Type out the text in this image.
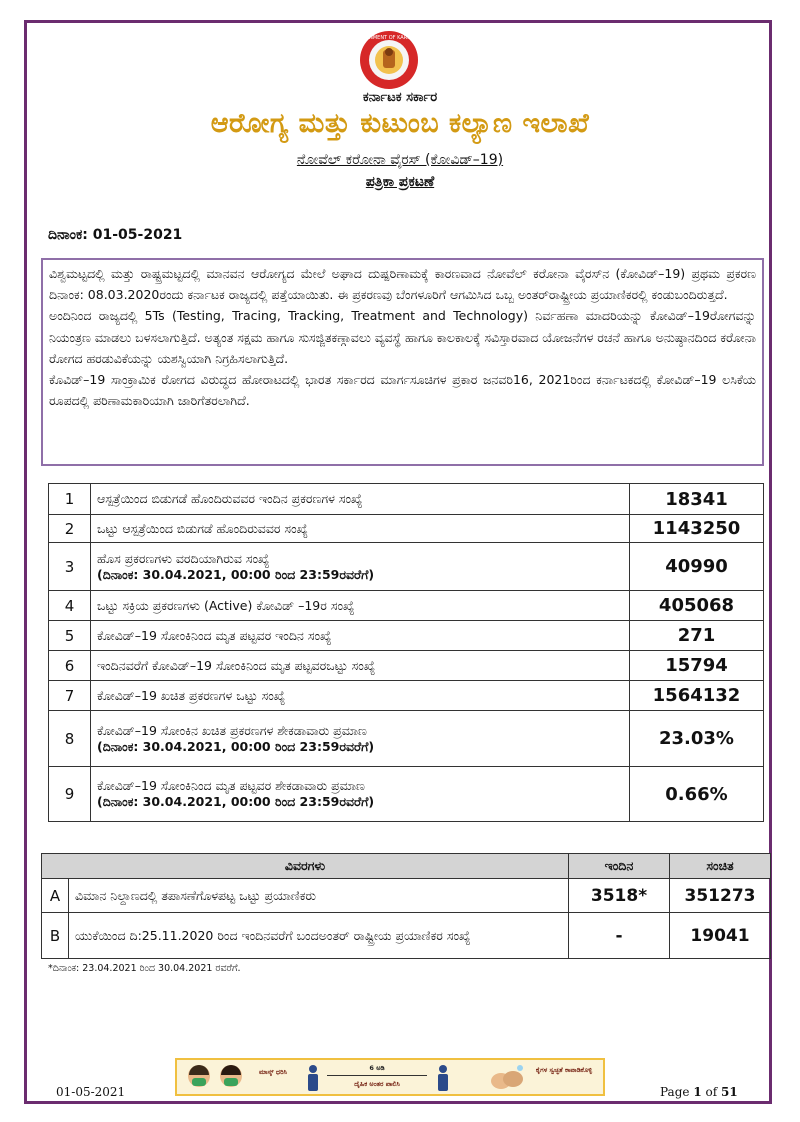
GOVERNMENT OF KARNATAKA
ಕರ್ನಾಟಕ ಸರ್ಕಾರ
ಆರೋಗ್ಯ ಮತ್ತು ಕುಟುಂಬ ಕಲ್ಯಾಣ ಇಲಾಖೆ
ನೋವೆಲ್ ಕರೋನಾ ವೈರಸ್ (ಕೋವಿಡ್–19)
ಪತ್ರಿಕಾ ಪ್ರಕಟಣೆ
ದಿನಾಂಕ: 01-05-2021

ವಿಶ್ವಮಟ್ಟದಲ್ಲಿ ಮತ್ತು ರಾಷ್ಟ್ರಮಟ್ಟದಲ್ಲಿ ಮಾನವನ ಆರೋಗ್ಯದ ಮೇಲೆ ಅಘಾದ ದುಷ್ಪರಿಣಾಮಕ್ಕೆ ಕಾರಣವಾದ ನೋವೆಲ್ ಕರೋನಾ ವೈರಸ್‌ನ (ಕೋವಿಡ್–19) ಪ್ರಥಮ ಪ್ರಕರಣ ದಿನಾಂಕ: 08.03.2020ರಂದು ಕರ್ನಾಟಕ ರಾಜ್ಯದಲ್ಲಿ ಪತ್ತೆಯಾಯಿತು. ಈ ಪ್ರಕರಣವು ಬೆಂಗಳೂರಿಗೆ ಆಗಮಿಸಿದ ಒಬ್ಬ ಅಂತರ್‌ರಾಷ್ಟ್ರೀಯ ಪ್ರಯಾಣಿಕರಲ್ಲಿ ಕಂಡುಬಂದಿರುತ್ತದೆ.

ಅಂದಿನಿಂದ ರಾಜ್ಯದಲ್ಲಿ 5Ts (Testing, Tracing, Tracking, Treatment and Technology) ನಿರ್ವಹಣಾ ಮಾದರಿಯನ್ನು ಕೋವಿಡ್–19ರೋಗವನ್ನು ನಿಯಂತ್ರಣ ಮಾಡಲು ಬಳಸಲಾಗುತ್ತಿದೆ. ಅತ್ಯಂತ ಸಕ್ಷಮ ಹಾಗೂ ಸುಸಜ್ಜಿತಕಣ್ಗಾವಲು ವ್ಯವಸ್ಥೆ ಹಾಗೂ ಕಾಲಕಾಲಕ್ಕೆ ಸವಿಸ್ತಾರವಾದ ಯೋಜನೆಗಳ ರಚನೆ ಹಾಗೂ ಅನುಷ್ಠಾನದಿಂದ ಕರೋನಾ ರೋಗದ ಹರಡುವಿಕೆಯನ್ನು ಯಶಸ್ವಿಯಾಗಿ ನಿಗ್ರಹಿಸಲಾಗುತ್ತಿದೆ.

ಕೊವಿಡ್–19 ಸಾಂಕ್ರಾಮಿಕ ರೋಗದ ವಿರುದ್ಧದ ಹೋರಾಟದಲ್ಲಿ ಭಾರತ ಸರ್ಕಾರದ ಮಾರ್ಗಸೂಚಿಗಳ ಪ್ರಕಾರ ಜನವರಿ16, 2021ರಿಂದ ಕರ್ನಾಟಕದಲ್ಲಿ ಕೋವಿಡ್–19 ಲಸಿಕೆಯ ರೂಪದಲ್ಲಿ ಪರಿಣಾಮಕಾರಿಯಾಗಿ ಜಾರಿಗೆತರಲಾಗಿದೆ.

1	ಆಸ್ಪತ್ರೆಯಿಂದ ಬಿಡುಗಡೆ ಹೊಂದಿರುವವರ ಇಂದಿನ ಪ್ರಕರಣಗಳ ಸಂಖ್ಯೆ	18341
2	ಒಟ್ಟು ಆಸ್ಪತ್ರೆಯಿಂದ ಬಿಡುಗಡೆ ಹೊಂದಿರುವವರ ಸಂಖ್ಯೆ	1143250
3	ಹೊಸ ಪ್ರಕರಣಗಳು ವರದಿಯಾಗಿರುವ ಸಂಖ್ಯೆ
(ದಿನಾಂಕ: 30.04.2021, 00:00 ರಿಂದ 23:59ರವರೆಗೆ)	40990
4	ಒಟ್ಟು ಸಕ್ರಿಯ ಪ್ರಕರಣಗಳು (Active) ಕೋವಿಡ್ –19ರ ಸಂಖ್ಯೆ	405068
5	ಕೋವಿಡ್–19 ಸೋಂಕಿನಿಂದ ಮೃತ ಪಟ್ಟವರ ಇಂದಿನ ಸಂಖ್ಯೆ	271
6	ಇಂದಿನವರೆಗೆ ಕೋವಿಡ್–19 ಸೋಂಕಿನಿಂದ ಮೃತ ಪಟ್ಟವರಒಟ್ಟು ಸಂಖ್ಯೆ	15794
7	ಕೋವಿಡ್–19 ಖಚಿತ ಪ್ರಕರಣಗಳ ಒಟ್ಟು ಸಂಖ್ಯೆ	1564132
8	ಕೋವಿಡ್–19 ಸೋಂಕಿನ ಖಚಿತ ಪ್ರಕರಣಗಳ ಶೇಕಡಾವಾರು ಪ್ರಮಾಣ
(ದಿನಾಂಕ: 30.04.2021, 00:00 ರಿಂದ 23:59ರವರೆಗೆ)	23.03%
9	ಕೋವಿಡ್–19 ಸೋಂಕಿನಿಂದ ಮೃತ ಪಟ್ಟವರ ಶೇಕಡಾವಾರು ಪ್ರಮಾಣ
(ದಿನಾಂಕ: 30.04.2021, 00:00 ರಿಂದ 23:59ರವರೆಗೆ)	0.66%
ವಿವರಗಳು		ಇಂದಿನ	ಸಂಚಿತ
A	ವಿಮಾನ ನಿಲ್ದಾಣದಲ್ಲಿ ತಪಾಸಣೆಗೊಳಪಟ್ಟ ಒಟ್ಟು ಪ್ರಯಾಣಿಕರು	3518*	351273
B	ಯುಕೆಯಿಂದ ದಿ:25.11.2020 ರಿಂದ ಇಂದಿನವರೆಗೆ ಬಂದಅಂತರ್ ರಾಷ್ಟ್ರೀಯ ಪ್ರಯಾಣಿಕರ ಸಂಖ್ಯೆ	-	19041
*ದಿನಾಂಕ: 23.04.2021 ರಿಂದ 30.04.2021 ರವರೆಗೆ.
ಮಾಸ್ಕ್ ಧರಿಸಿ	6 ಅಡಿ
ದೈಹಿಕ ಅಂತರ ಪಾಲಿಸಿ
ಕೈಗಳ ಸ್ವಚ್ಛತೆ ಕಾಪಾಡಿಕೊಳ್ಳಿ
01-05-2021	Page 1 of 51
